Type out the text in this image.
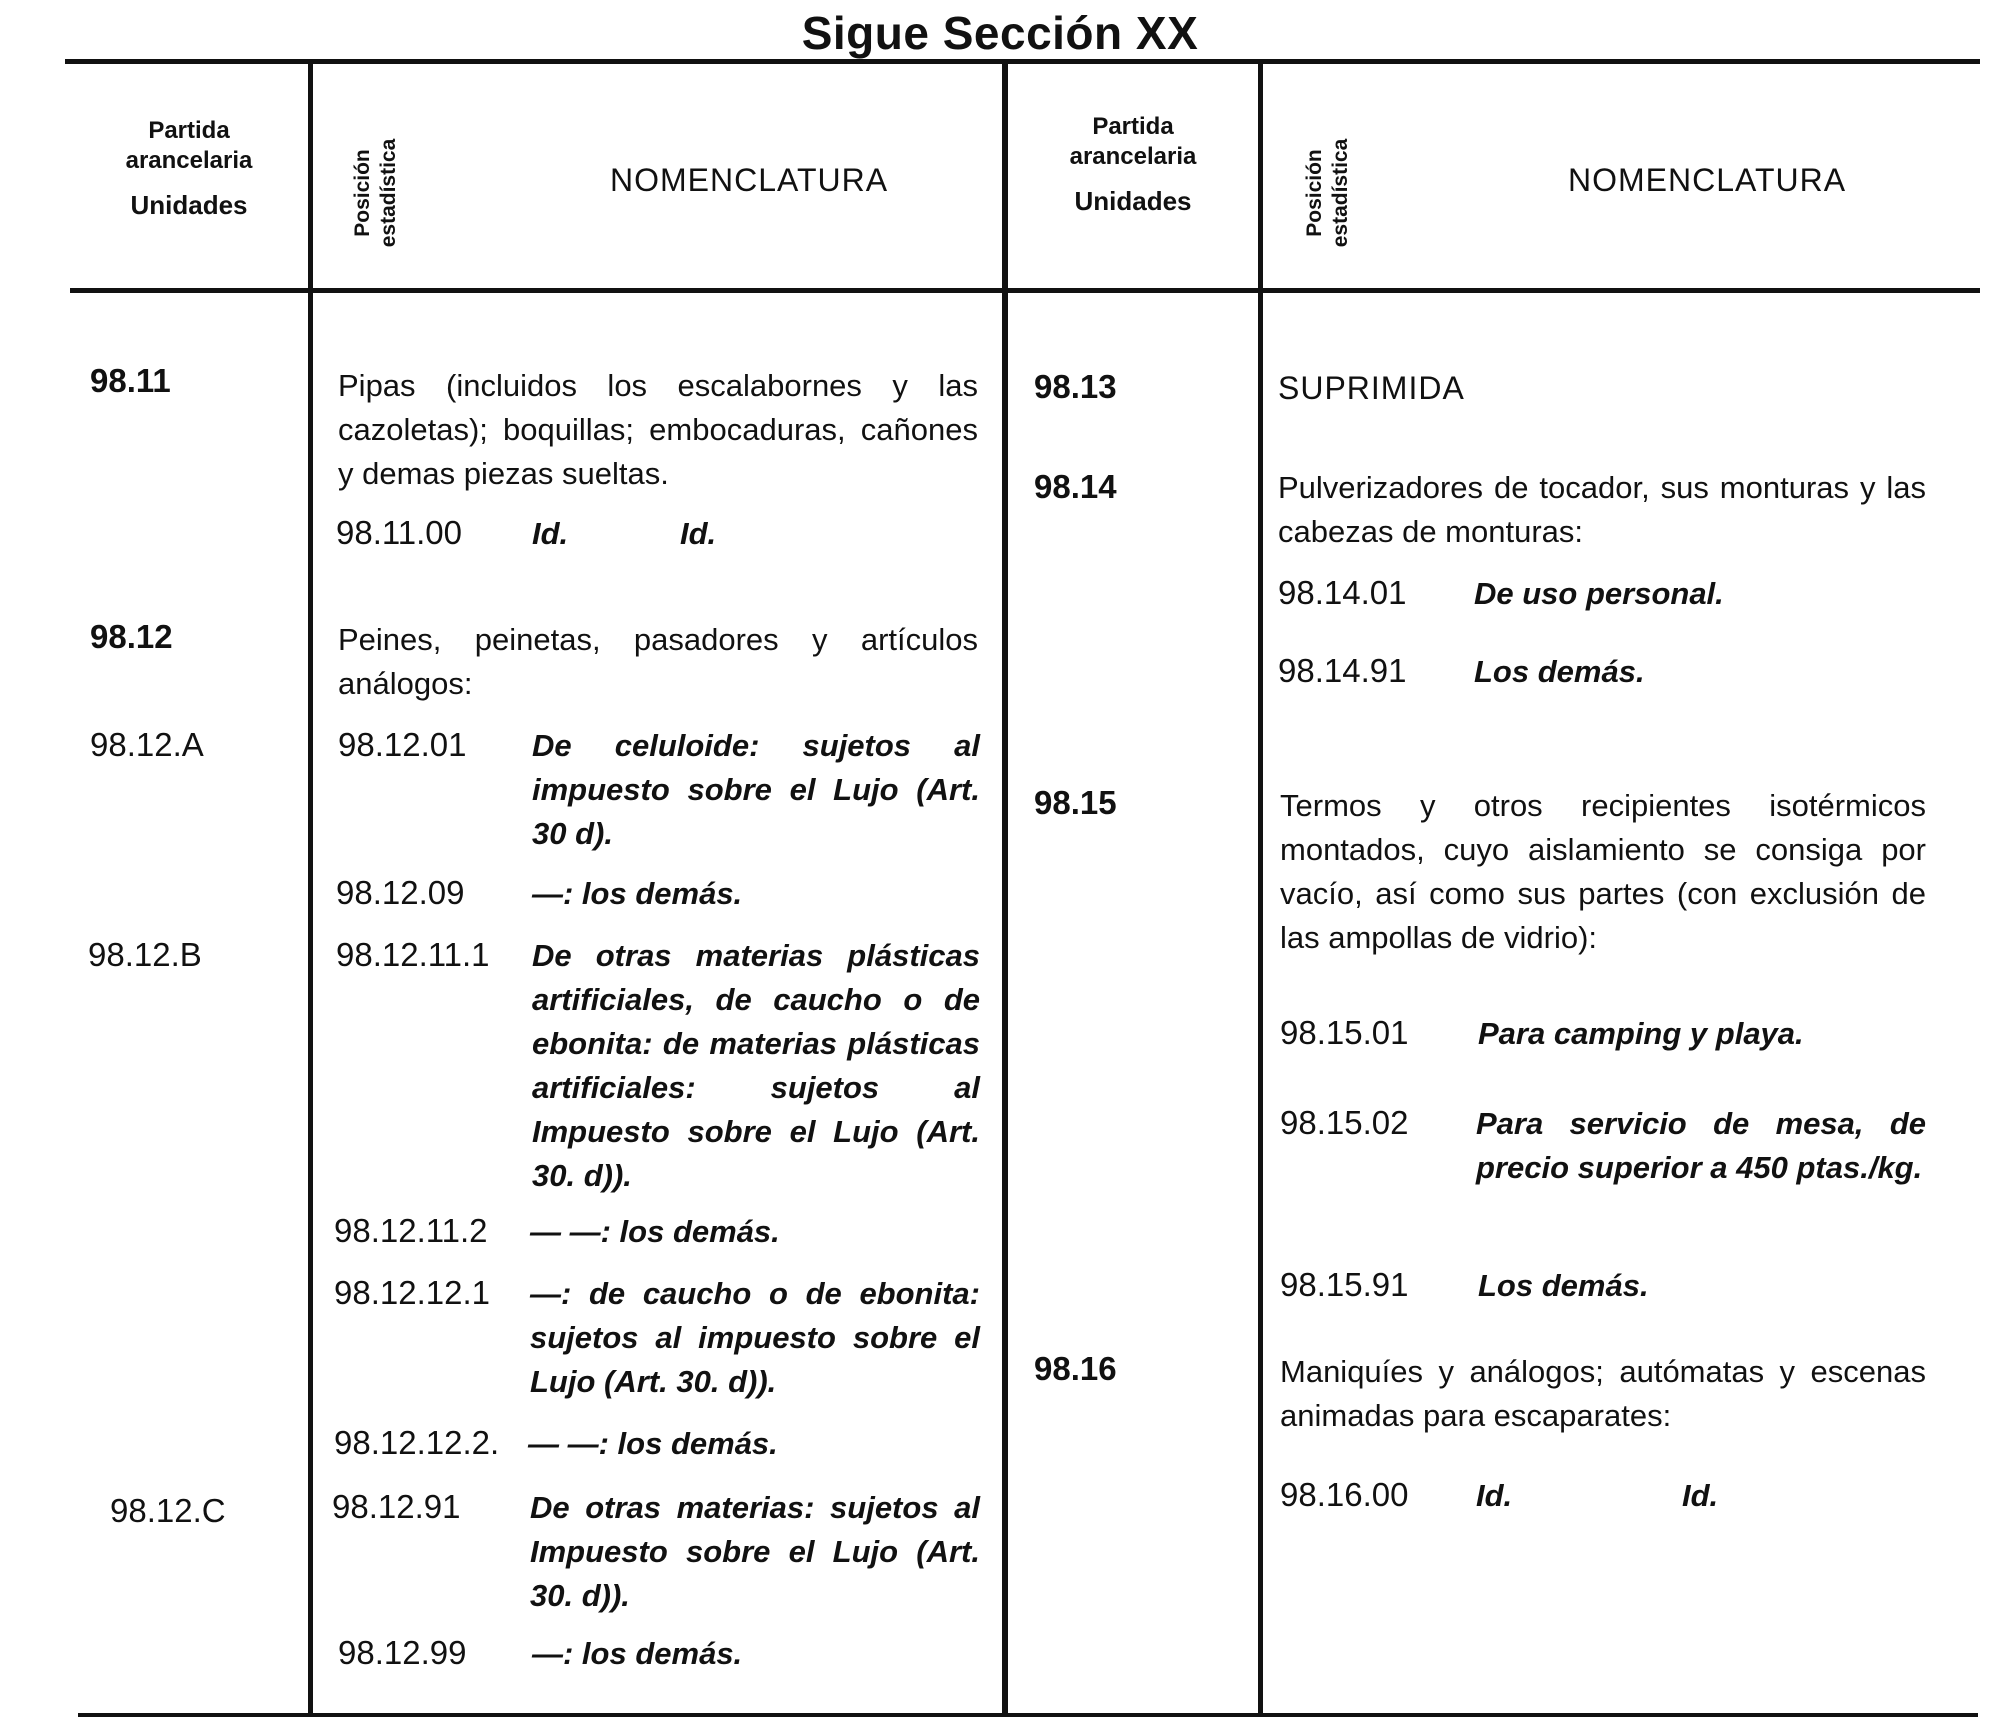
Sigue Sección XX
Partida
arancelaria
Unidades	Posición estadística	NOMENCLATURA
Partida
arancelaria
Unidades	Posición estadística	NOMENCLATURA
98.11	Pipas (incluidos los escalabornes y las cazoletas); boquillas; embocaduras, cañones y demas piezas sueltas.
98.11.00 Id.	Id.
98.12	Peines, peinetas, pasadores y artículos análogos:
98.12.A	98.12.01 De celuloide: sujetos al impuesto sobre el Lujo (Art. 30 d).
98.12.09 —: los demás.
98.12.B	98.12.11.1 De otras materias plásticas artificiales, de caucho o de ebonita: de materias plásticas artificiales: sujetos al Impuesto sobre el Lujo (Art. 30. d)).
98.12.11.2 — —: los demás.
98.12.12.1 —: de caucho o de ebonita: sujetos al impuesto sobre el Lujo (Art. 30. d)).
98.12.12.2. — —: los demás.
98.12.C	98.12.91 De otras materias: sujetos al Impuesto sobre el Lujo (Art. 30. d)).
98.12.99 —: los demás.
98.13	SUPRIMIDA
98.14	Pulverizadores de tocador, sus monturas y las cabezas de monturas:
98.14.01 De uso personal.
98.14.91 Los demás.
98.15	Termos y otros recipientes isotérmicos montados, cuyo aislamiento se consiga por vacío, así como sus partes (con exclusión de las ampollas de vidrio):
98.15.01 Para camping y playa.
98.15.02 Para servicio de mesa, de precio superior a 450 ptas./kg.
98.15.91 Los demás.
98.16	Maniquíes y análogos; autómatas y escenas animadas para escaparates:
98.16.00 Id.	Id.
